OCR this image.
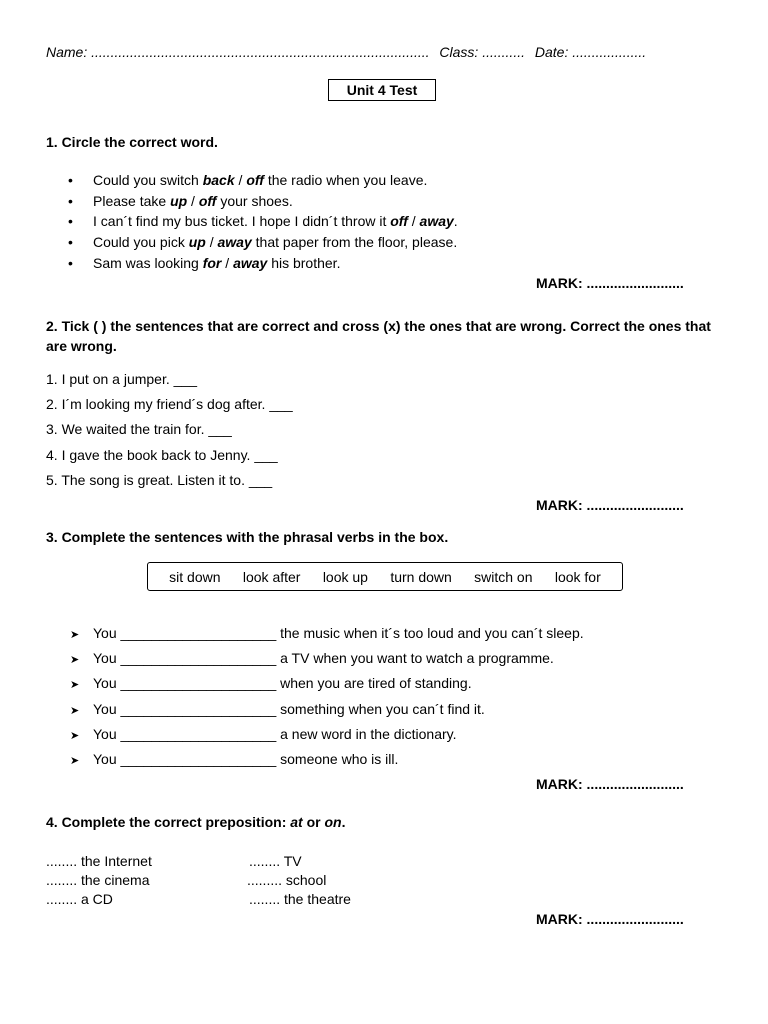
Name: ....................................................................................... Class: ........... Date: ...................
Unit 4 Test
1. Circle the correct word.
• Could you switch back / off the radio when you leave.
• Please take up / off your shoes.
• I can´t find my bus ticket. I hope I didn´t throw it off / away.
• Could you pick up / away that paper from the floor, please.
• Sam was looking for / away his brother.
MARK: .........................
2. Tick ( ) the sentences that are correct and cross (x) the ones that are wrong. Correct the ones that are wrong.
1. I put on a jumper. ___
2. I´m looking my friend´s dog after. ___
3. We waited the train for. ___
4. I gave the book back to Jenny. ___
5. The song is great. Listen it to. ___
MARK: .........................
3. Complete the sentences with the phrasal verbs in the box.
sit down look after look up turn down switch on look for
➤ You ____________________ the music when it´s too loud and you can´t sleep.
➤ You ____________________ a TV when you want to watch a programme.
➤ You ____________________ when you are tired of standing.
➤ You ____________________ something when you can´t find it.
➤ You ____________________ a new word in the dictionary.
➤ You ____________________ someone who is ill.
MARK: .........................
4. Complete the correct preposition: at or on.
........ the Internet
........ the cinema
........ a CD
........ TV
......... school
........ the theatre
MARK: .........................
